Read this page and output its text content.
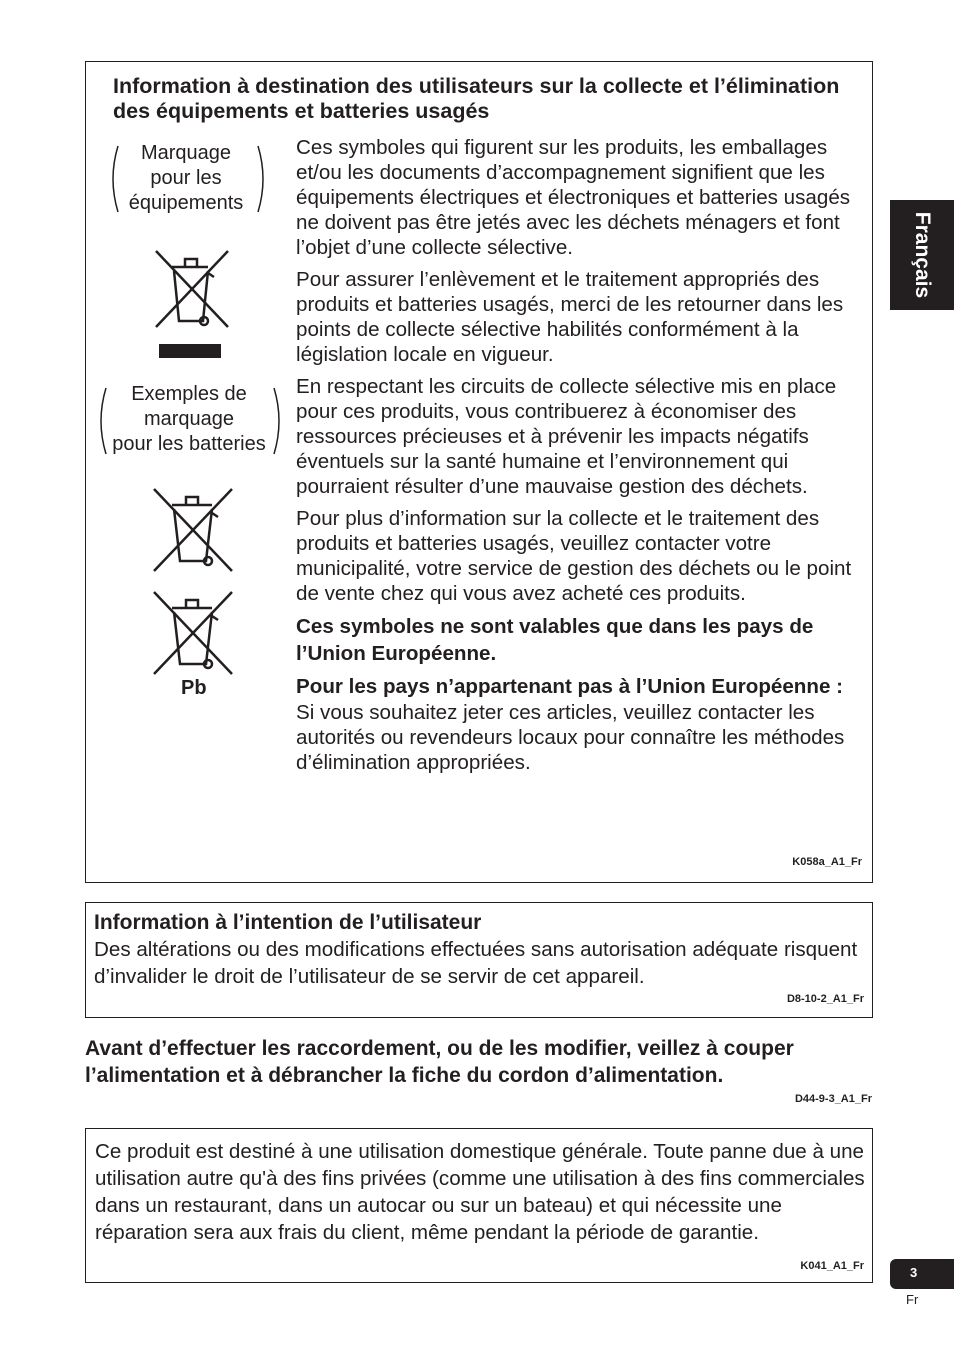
Information à destination des utilisateurs sur la collecte et l’élimination des équipements et batteries usagés
Marquage
pour les
équipements
Exemples de
marquage
pour les batteries
Pb

Ces symboles qui figurent sur les produits, les emballages et/ou les documents d’accompagnement signifient que les équipements électriques et électroniques et batteries usagés ne doivent pas être jetés avec les déchets ménagers et font l’objet d’une collecte sélective.

Pour assurer l’enlèvement et le traitement appropriés des produits et batteries usagés, merci de les retourner dans les points de collecte sélective habilités conformément à la législation locale en vigueur.

En respectant les circuits de collecte sélective mis en place pour ces produits, vous contribuerez à économiser des ressources précieuses et à prévenir les impacts négatifs éventuels sur la santé humaine et l’environnement qui pourraient résulter d’une mauvaise gestion des déchets.

Pour plus d’information sur la collecte et le traitement des produits et batteries usagés, veuillez contacter votre municipalité, votre service de gestion des déchets ou le point de vente chez qui vous avez acheté ces produits.

Ces symboles ne sont valables que dans les pays de l’Union Européenne.

Pour les pays n’appartenant pas à l’Union Européenne :
Si vous souhaitez jeter ces articles, veuillez contacter les autorités ou revendeurs locaux pour connaître les méthodes d’élimination appropriées.

K058a_A1_Fr
Information à l’intention de l’utilisateur
Des altérations ou des modifications effectuées sans autorisation adéquate risquent d’invalider le droit de l’utilisateur de se servir de cet appareil.
D8-10-2_A1_Fr
Avant d’effectuer les raccordement, ou de les modifier, veillez à couper l’alimentation et à débrancher la fiche du cordon d’alimentation.
D44-9-3_A1_Fr
Ce produit est destiné à une utilisation domestique générale. Toute panne due à une utilisation autre qu'à des fins privées (comme une utilisation à des fins commerciales dans un restaurant, dans un autocar ou sur un bateau) et qui nécessite une réparation sera aux frais du client, même pendant la période de garantie.
K041_A1_Fr
Français
3
Fr
